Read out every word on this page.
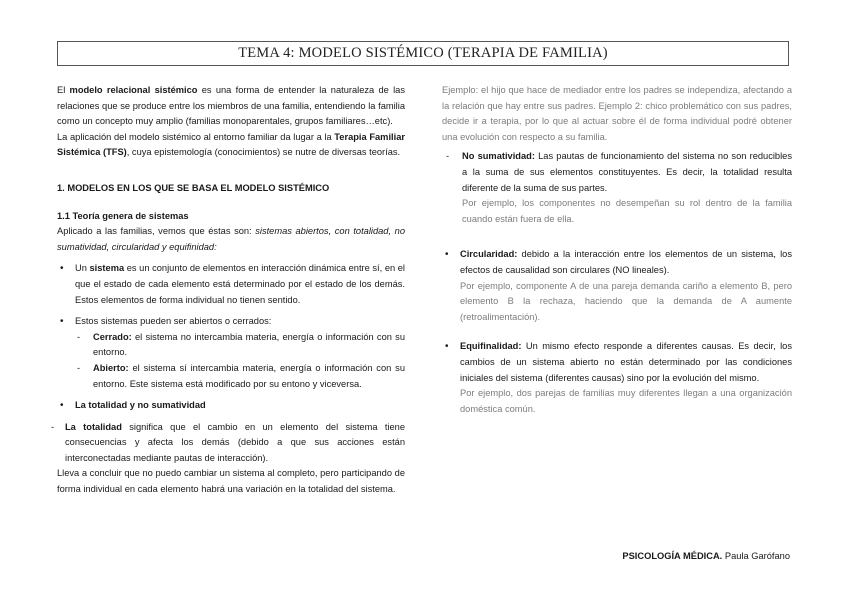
TEMA 4: MODELO SISTÉMICO (TERAPIA DE FAMILIA)

El modelo relacional sistémico es una forma de entender la naturaleza de las relaciones que se produce entre los miembros de una familia, entendiendo la familia como un concepto muy amplio (familias monoparentales, grupos familiares…etc).

La aplicación del modelo sistémico al entorno familiar da lugar a la Terapia Familiar Sistémica (TFS), cuya epistemología (conocimientos) se nutre de diversas teorías.

1. MODELOS EN LOS QUE SE BASA EL MODELO SISTÉMICO

1.1 Teoría genera de sistemas

Aplicado a las familias, vemos que éstas son: sistemas abiertos, con totalidad, no sumatividad, circularidad y equifinidad:

• Un sistema es un conjunto de elementos en interacción dinámica entre sí, en el que el estado de cada elemento está determinado por el estado de los demás. Estos elementos de forma individual no tienen sentido.

• Estos sistemas pueden ser abiertos o cerrados:

- Cerrado: el sistema no intercambia materia, energía o información con su entorno.

- Abierto: el sistema sí intercambia materia, energía o información con su entorno. Este sistema está modificado por su entono y viceversa.

• La totalidad y no sumatividad

- La totalidad significa que el cambio en un elemento del sistema tiene consecuencias y afecta los demás (debido a que sus acciones están interconectadas mediante pautas de interacción).

Lleva a concluir que no puedo cambiar un sistema al completo, pero participando de forma individual en cada elemento habrá una variación en la totalidad del sistema.

Ejemplo: el hijo que hace de mediador entre los padres se independiza, afectando a la relación que hay entre sus padres. Ejemplo 2: chico problemático con sus padres, decide ir a terapia, por lo que al actuar sobre él de forma individual podré obtener una evolución con respecto a su familia.

- No sumatividad: Las pautas de funcionamiento del sistema no son reducibles a la suma de sus elementos constituyentes. Es decir, la totalidad resulta diferente de la suma de sus partes.

Por ejemplo, los componentes no desempeñan su rol dentro de la familia cuando están fuera de ella.

• Circularidad: debido a la interacción entre los elementos de un sistema, los efectos de causalidad son circulares (NO lineales).

Por ejemplo, componente A de una pareja demanda cariño a elemento B, pero elemento B la rechaza, haciendo que la demanda de A aumente (retroalimentación).

• Equifinalidad: Un mismo efecto responde a diferentes causas. Es decir, los cambios de un sistema abierto no están determinado por las condiciones iniciales del sistema (diferentes causas) sino por la evolución del mismo.

Por ejemplo, dos parejas de familias muy diferentes llegan a una organización doméstica común.

PSICOLOGÍA MÉDICA. Paula Garófano
